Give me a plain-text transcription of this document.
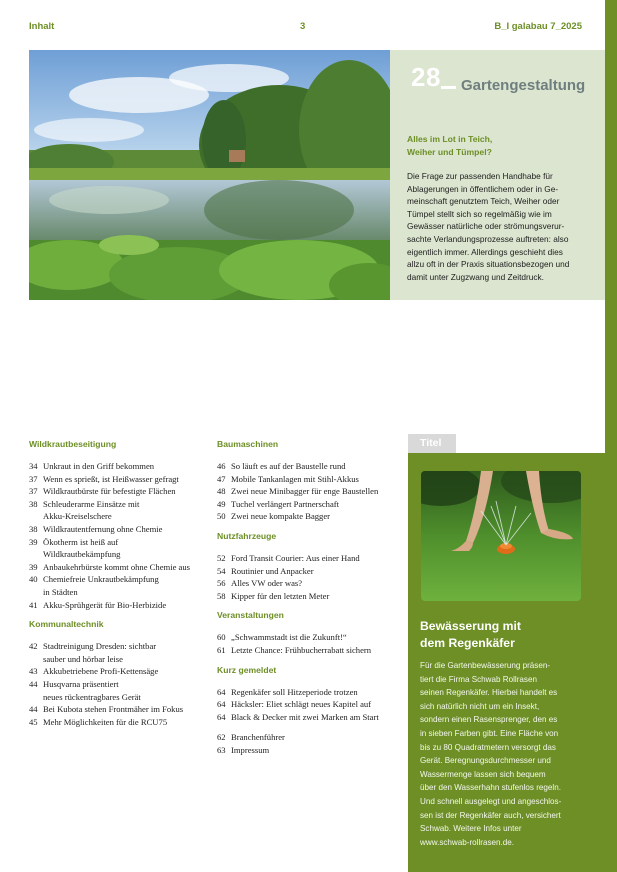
Inhalt	3	B_I galabau 7_2025
28 Gartengestaltung
Alles im Lot in Teich,
Weiher und Tümpel?
Die Frage zur passenden Handhabe für
Ablagerungen in öffentlichem oder in Ge-
meinschaft genutztem Teich, Weiher oder
Tümpel stellt sich so regelmäßig wie im
Gewässer natürliche oder strömungsverur-
sachte Verlandungsprozesse auftreten: also
eigentlich immer. Allerdings geschieht dies
allzu oft in der Praxis situationsbezogen und
damit unter Zugzwang und Zeitdruck.
Wildkrautbeseitigung
34 Unkraut in den Griff bekommen
37 Wenn es sprießt, ist Heißwasser gefragt
37 Wildkrautbürste für befestigte Flächen
38 Schleuderarme Einsätze mit
Akku-Kreiselschere
38 Wildkrautentfernung ohne Chemie
39 Ökotherm ist heiß auf
Wildkrautbekämpfung
39 Anbaukehrbürste kommt ohne Chemie aus
40 Chemiefreie Unkrautbekämpfung
in Städten
41 Akku-Sprühgerät für Bio-Herbizide
Kommunaltechnik
42 Stadtreinigung Dresden: sichtbar
sauber und hörbar leise
43 Akkubetriebene Profi-Kettensäge
44 Husqvarna präsentiert
neues rückentragbares Gerät
44 Bei Kubota stehen Frontmäher im Fokus
45 Mehr Möglichkeiten für die RCU75
Baumaschinen
46 So läuft es auf der Baustelle rund
47 Mobile Tankanlagen mit Stihl-Akkus
48 Zwei neue Minibagger für enge Baustellen
49 Tuchel verlängert Partnerschaft
50 Zwei neue kompakte Bagger
Nutzfahrzeuge
52 Ford Transit Courier: Aus einer Hand
54 Routinier und Anpacker
56 Alles VW oder was?
58 Kipper für den letzten Meter
Veranstaltungen
60 „Schwammstadt ist die Zukunft!“
61 Letzte Chance: Frühbucherrabatt sichern
Kurz gemeldet
64 Regenkäfer soll Hitzeperiode trotzen
64 Häcksler: Eliet schlägt neues Kapitel auf
64 Black & Decker mit zwei Marken am Start
62 Branchenführer
63 Impressum
Titel
Bewässerung mit
dem Regenkäfer
Für die Gartenbewässerung präsen-
tiert die Firma Schwab Rollrasen
seinen Regenkäfer. Hierbei handelt es
sich natürlich nicht um ein Insekt,
sondern einen Rasensprenger, den es
in sieben Farben gibt. Eine Fläche von
bis zu 80 Quadratmetern versorgt das
Gerät. Beregnungsdurchmesser und
Wassermenge lassen sich bequem
über den Wasserhahn stufenlos regeln.
Und schnell ausgelegt und angeschlos-
sen ist der Regenkäfer auch, versichert
Schwab. Weitere Infos unter
www.schwab-rollrasen.de.
